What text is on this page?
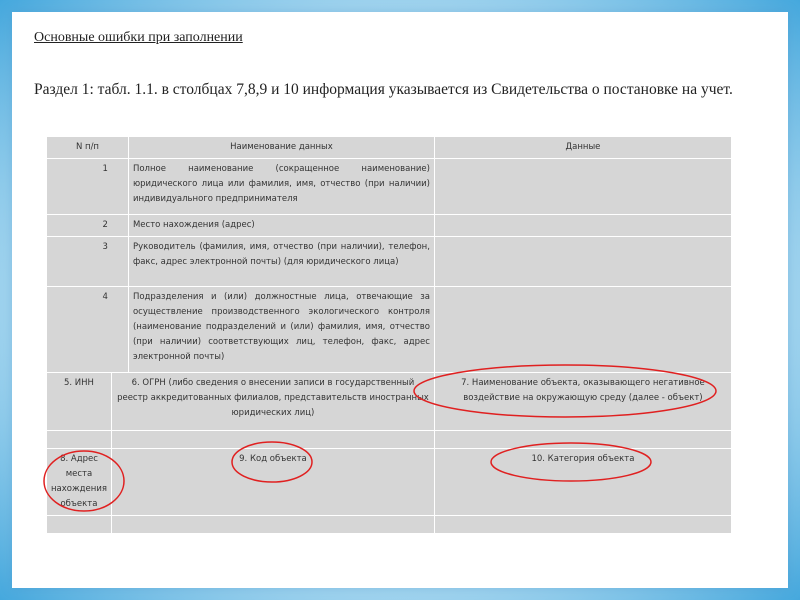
Основные ошибки при заполнении
Раздел 1: табл. 1.1. в столбцах 7,8,9 и 10 информация указывается из Свидетельства о постановке на учет.
N п/п		Наименование данных	Данные
1		Полное наименование (сокращенное наименование) юридического лица или фамилия, имя, отчество (при наличии) индивидуального предпринимателя	
2		Место нахождения (адрес)	
3		Руководитель (фамилия, имя, отчество (при наличии), телефон, факс, адрес электронной почты) (для юридического лица)	
4		Подразделения и (или) должностные лица, отвечающие за осуществление производственного экологического контроля (наименование подразделений и (или) фамилия, имя, отчество (при наличии) соответствующих лиц, телефон, факс, адрес электронной почты)	
5. ИНН	6. ОГРН (либо сведения о внесении записи в государственный реестр аккредитованных филиалов, представительств иностранных юридических лиц)		7. Наименование объекта, оказывающего негативное воздействие на окружающую среду (далее - объект)

8. Адрес места нахождения объекта	9. Код объекта		10. Категория объекта
